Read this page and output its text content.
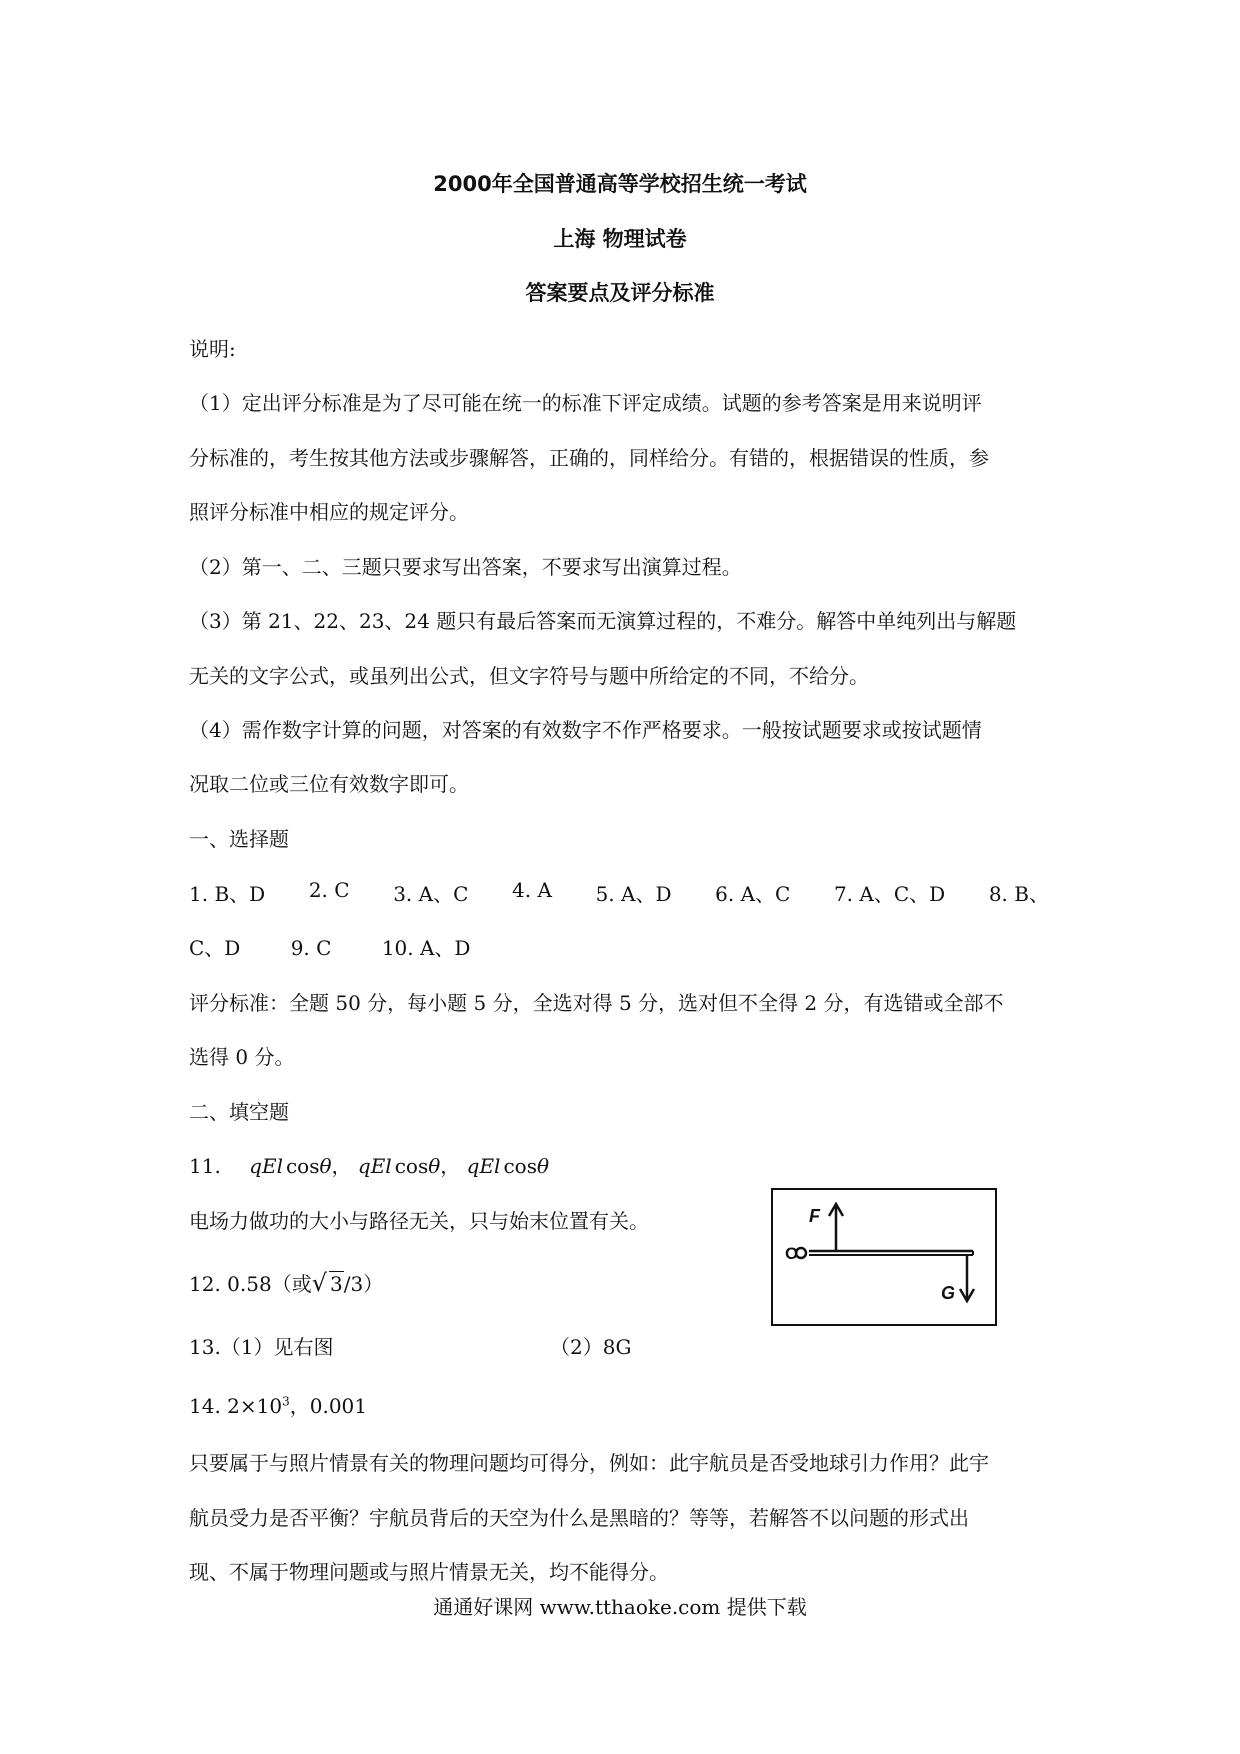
2000年全国普通高等学校招生统一考试
上海 物理试卷
答案要点及评分标准
说明:
（1）定出评分标准是为了尽可能在统一的标准下评定成绩。试题的参考答案是用来说明评
分标准的，考生按其他方法或步骤解答，正确的，同样给分。有错的，根据错误的性质，参
照评分标准中相应的规定评分。
（2）第一、二、三题只要求写出答案，不要求写出演算过程。
（3）第 21、22、23、24 题只有最后答案而无演算过程的，不难分。解答中单纯列出与解题
无关的文字公式，或虽列出公式，但文字符号与题中所给定的不同，不给分。
（4）需作数字计算的问题，对答案的有效数字不作严格要求。一般按试题要求或按试题情
况取二位或三位有效数字即可。
一、选择题
1. B、D 2. C 3. A、C 4. A 5. A、D 6. A、C 7. A、C、D 8. B、
C、D	9. C	10. A、D
评分标准：全题 50 分，每小题 5 分，全选对得 5 分，选对但不全得 2 分，有选错或全部不
选得 0 分。
二、填空题
11. qEl cosθ， qEl cosθ， qEl cosθ
电场力做功的大小与路径无关，只与始末位置有关。
12. 0.58（或√ 3/3）
13.（1）见右图	（2）8G
14. $2\times 10^3$，0.001
只要属于与照片情景有关的物理问题均可得分，例如：此宇航员是否受地球引力作用？此宇
航员受力是否平衡？宇航员背后的天空为什么是黑暗的？等等，若解答不以问题的形式出
现、不属于物理问题或与照片情景无关，均不能得分。
F
O
G
通通好课网 www.tthaoke.com 提供下载
